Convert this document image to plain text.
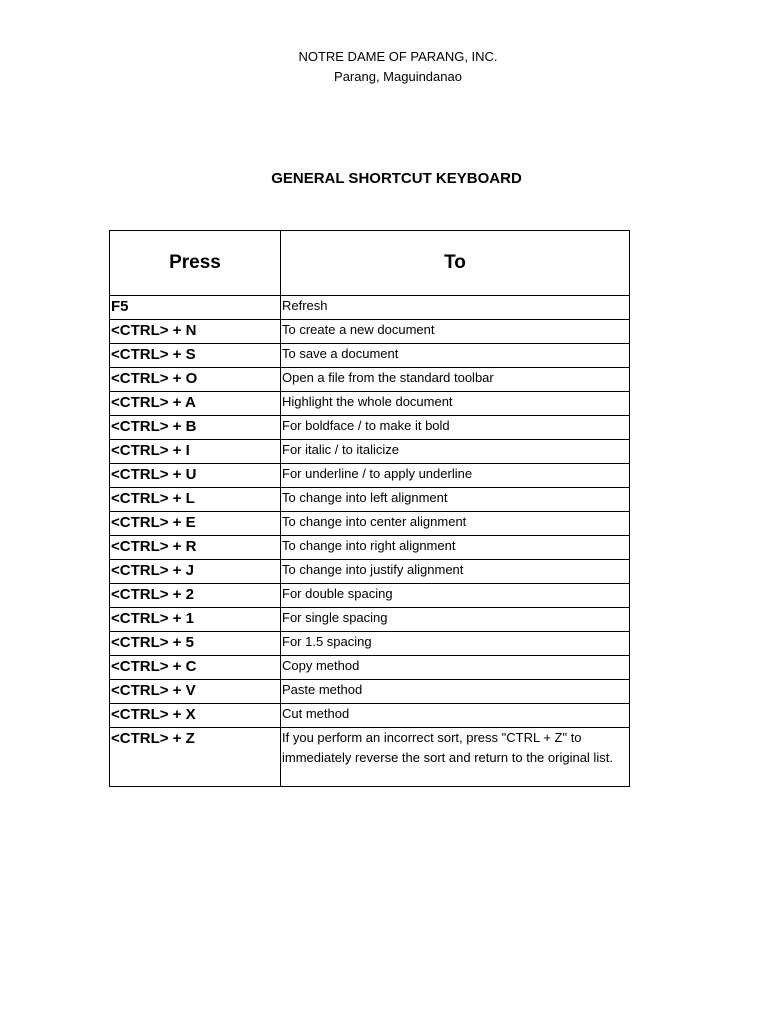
NOTRE DAME OF PARANG, INC.
Parang, Maguindanao
GENERAL SHORTCUT KEYBOARD
Press	To
F5	Refresh
<CTRL> + N	To create a new document
<CTRL> + S	To save a document
<CTRL> + O	Open a file from the standard toolbar
<CTRL> + A	Highlight the whole document
<CTRL> + B	For boldface / to make it bold
<CTRL> + I	For italic / to italicize
<CTRL> + U	For underline / to apply underline
<CTRL> + L	To change into left alignment
<CTRL> + E	To change into center alignment
<CTRL> + R	To change into right alignment
<CTRL> + J	To change into justify alignment
<CTRL> + 2	For double spacing
<CTRL> + 1	For single spacing
<CTRL> + 5	For 1.5 spacing
<CTRL> + C	Copy method
<CTRL> + V	Paste method
<CTRL> + X	Cut method
<CTRL> + Z	If you perform an incorrect sort, press "CTRL + Z" to immediately reverse the sort and return to the original list.
